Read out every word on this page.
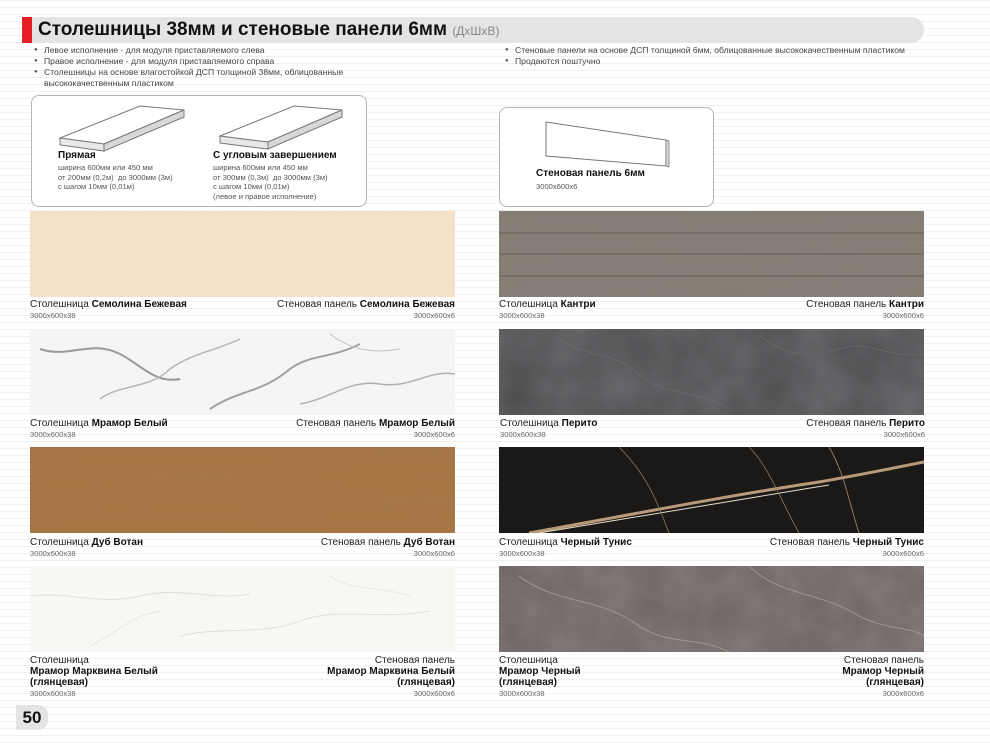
Столешницы 38мм и стеновые панели 6мм (ДхШхВ)
● Левое исполнение - для модуля приставляемого слева
● Правое исполнение - для модуля приставляемого справа
● Столешницы на основе влагостойкой ДСП толщиной 38мм, облицованные высококачественным пластиком
● Стеновые панели на основе ДСП толщиной 6мм, облицованные высококачественным пластиком
● Продаются поштучно
Прямая
ширина 600мм или 450 мм
от 200мм (0,2м)  до 3000мм (3м)
с шагом 10мм (0,01м)
С угловым завершением
ширина 600мм или 450 мм
от 300мм (0,3м)  до 3000мм (3м)
с шагом 10мм (0,01м)
(левое и правое исполнение)
Стеновая панель 6мм
3000х600х6
Столешница Семолина Бежевая
3000х600х38
Стеновая панель Семолина Бежевая
3000х600х6
Столешница Кантри
3000х600х38
Стеновая панель Кантри
3000х600х6
Столешница Мрамор Белый
3000х600х38
Стеновая панель Мрамор Белый
3000х600х6
Столешница Перито
3000х600х38
Стеновая панель Перито
3000х600х6
Столешница Дуб Вотан
3000х600х38
Стеновая панель Дуб Вотан
3000х600х6
Столешница Черный Тунис
3000х600х38
Стеновая панель Черный Тунис
3000х600х6
Столешница
Мрамор Марквина Белый
(глянцевая)
3000х600х38
Стеновая панель
Мрамор Марквина Белый
(глянцевая)
3000х600х6
Столешница
Мрамор Черный
(глянцевая)
3000х600х38
Стеновая панель
Мрамор Черный
(глянцевая)
3000х600х6
50
